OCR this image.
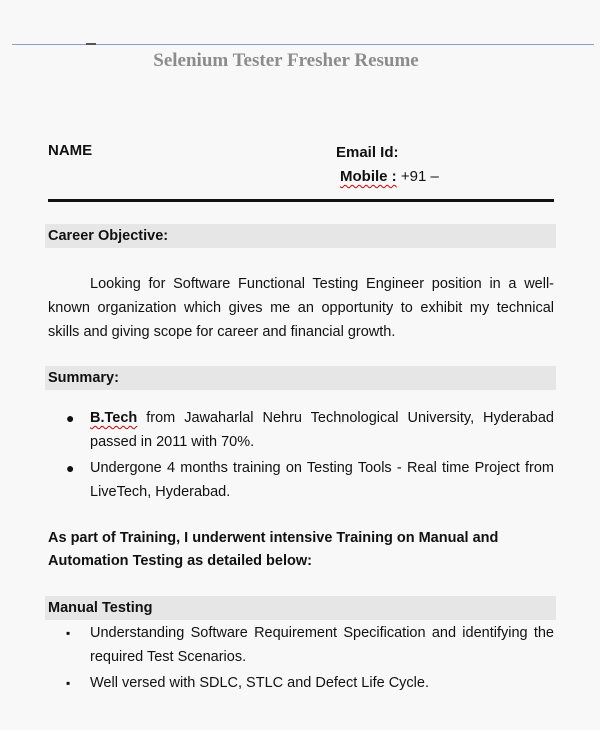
Selenium Tester Fresher Resume
NAME	Email Id:
Mobile : +91 –
Career Objective:
Looking for Software Functional Testing Engineer position in a well-known organization which gives me an opportunity to exhibit my technical skills and giving scope for career and financial growth.
Summary:
● B.Tech from Jawaharlal Nehru Technological University, Hyderabad passed in 2011 with 70%.
● Undergone 4 months training on Testing Tools - Real time Project from LiveTech, Hyderabad.
As part of Training, I underwent intensive Training on Manual and Automation Testing as detailed below:
Manual Testing
▪ Understanding Software Requirement Specification and identifying the required Test Scenarios.
▪ Well versed with SDLC, STLC and Defect Life Cycle.
